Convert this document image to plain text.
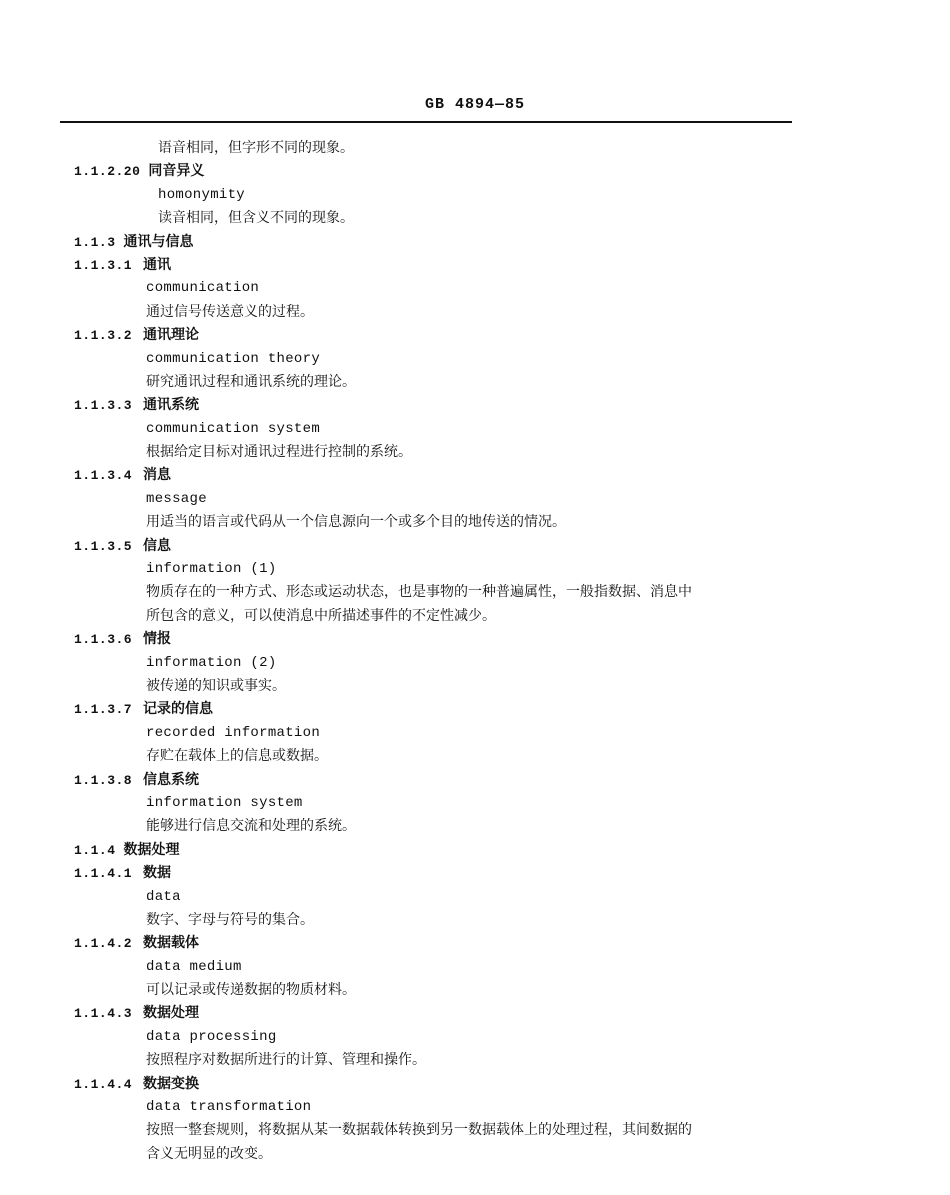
GB 4894—85
语音相同，但字形不同的现象。
1.1.2.20 同音异义
homonymity
读音相同，但含义不同的现象。
1.1.3 通讯与信息
1.1.3.1 通讯
communication
通过信号传送意义的过程。
1.1.3.2 通讯理论
communication theory
研究通讯过程和通讯系统的理论。
1.1.3.3 通讯系统
communication system
根据给定目标对通讯过程进行控制的系统。
1.1.3.4 消息
message
用适当的语言或代码从一个信息源向一个或多个目的地传送的情况。
1.1.3.5 信息
information (1)
物质存在的一种方式、形态或运动状态，也是事物的一种普遍属性，一般指数据、消息中
所包含的意义，可以使消息中所描述事件的不定性减少。
1.1.3.6 情报
information (2)
被传递的知识或事实。
1.1.3.7 记录的信息
recorded information
存贮在载体上的信息或数据。
1.1.3.8 信息系统
information system
能够进行信息交流和处理的系统。
1.1.4 数据处理
1.1.4.1 数据
data
数字、字母与符号的集合。
1.1.4.2 数据载体
data medium
可以记录或传递数据的物质材料。
1.1.4.3 数据处理
data processing
按照程序对数据所进行的计算、管理和操作。
1.1.4.4 数据变换
data transformation
按照一整套规则，将数据从某一数据载体转换到另一数据载体上的处理过程，其间数据的
含义无明显的改变。
